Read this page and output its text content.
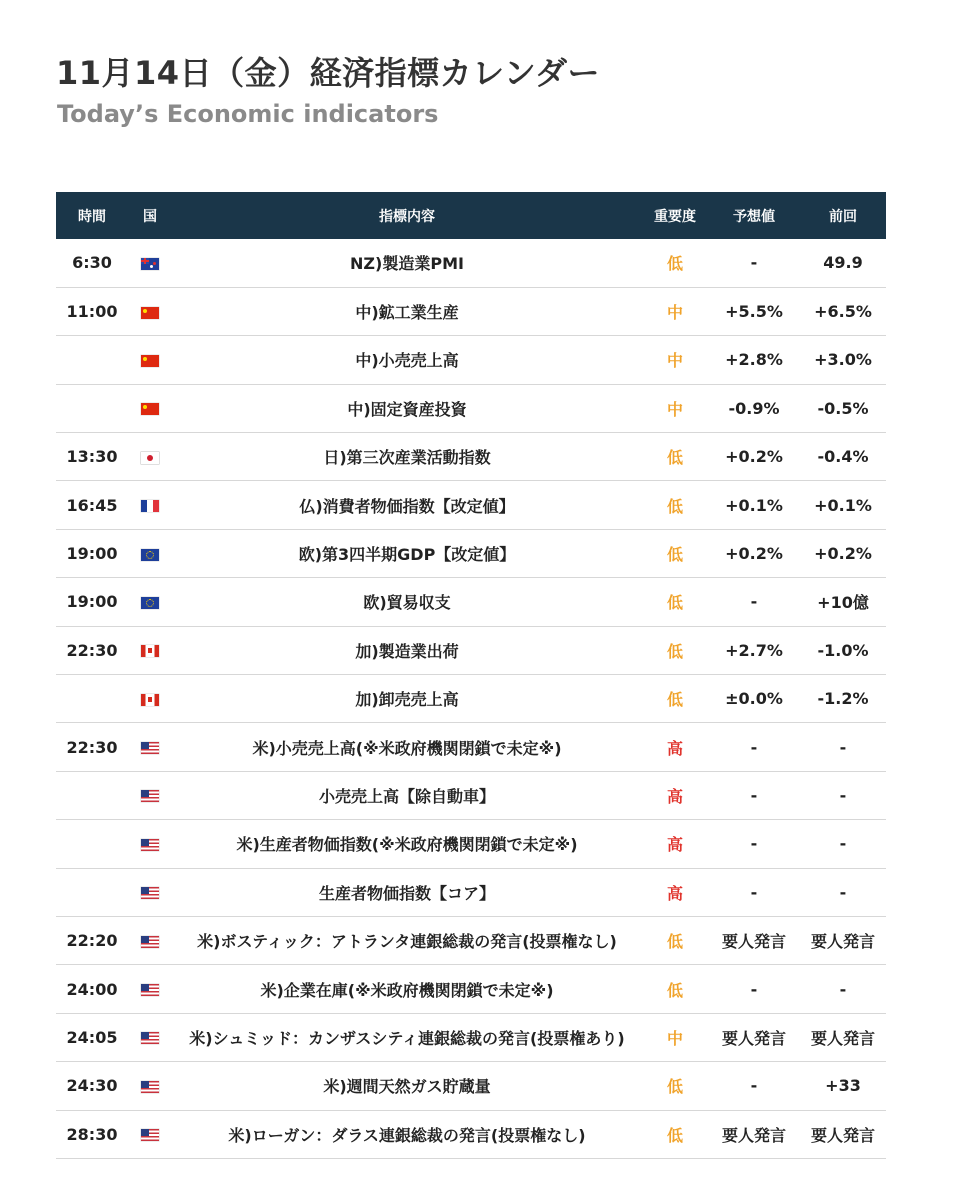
11月14日（金）経済指標カレンダー
Today’s Economic indicators
時間	国	指標内容	重要度	予想値	前回
6:30		NZ)製造業PMI	低	-	49.9
11:00		中)鉱工業生産	中	+5.5%	+6.5%
		中)小売売上高	中	+2.8%	+3.0%
		中)固定資産投資	中	-0.9%	-0.5%
13:30		日)第三次産業活動指数	低	+0.2%	-0.4%
16:45		仏)消費者物価指数【改定値】	低	+0.1%	+0.1%
19:00		欧)第3四半期GDP【改定値】	低	+0.2%	+0.2%
19:00		欧)貿易収支	低	-	+10億
22:30		加)製造業出荷	低	+2.7%	-1.0%
		加)卸売売上高	低	±0.0%	-1.2%
22:30		米)小売売上高(※米政府機関閉鎖で未定※)	高	-	-
		小売売上高【除自動車】	高	-	-
		米)生産者物価指数(※米政府機関閉鎖で未定※)	高	-	-
		生産者物価指数【コア】	高	-	-
22:20		米)ボスティック：アトランタ連銀総裁の発言(投票権なし)	低	要人発言	要人発言
24:00		米)企業在庫(※米政府機関閉鎖で未定※)	低	-	-
24:05		米)シュミッド：カンザスシティ連銀総裁の発言(投票権あり)	中	要人発言	要人発言
24:30		米)週間天然ガス貯蔵量	低	-	+33
28:30		米)ローガン：ダラス連銀総裁の発言(投票権なし)	低	要人発言	要人発言
